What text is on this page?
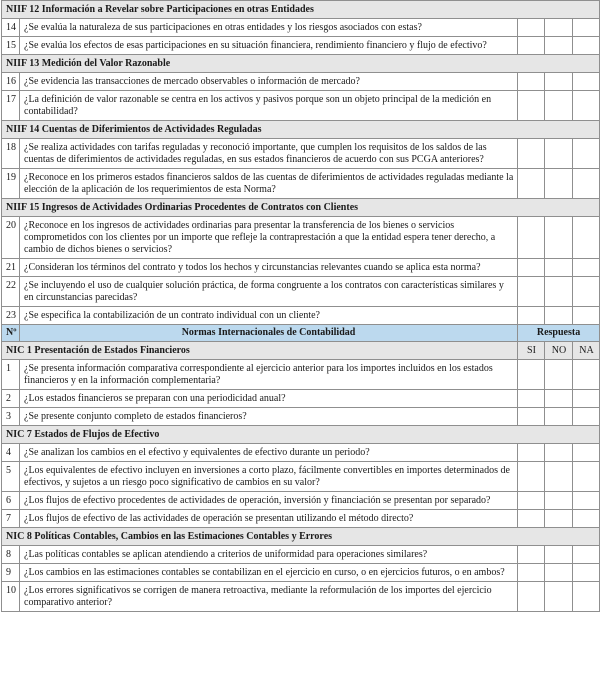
NIIF 12 Información a Revelar sobre Participaciones en otras Entidades				
14	¿Se evalúa la naturaleza de sus participaciones en otras entidades y los riesgos asociados con estas?			
15	¿Se evalúa los efectos de esas participaciones en su situación financiera, rendimiento financiero y flujo de efectivo?			
NIIF 13 Medición del Valor Razonable				
16	¿Se evidencia las transacciones de mercado observables o información de mercado?			
17	¿La definición de valor razonable se centra en los activos y pasivos porque son un objeto principal de la medición en contabilidad?			
NIIF 14 Cuentas de Diferimientos de Actividades Reguladas				
18	¿Se realiza actividades con tarifas reguladas y reconoció importante, que cumplen los requisitos de los saldos de las cuentas de diferimientos de actividades reguladas, en sus estados financieros de acuerdo con sus PCGA anteriores?			
19	¿Reconoce en los primeros estados financieros saldos de las cuentas de diferimientos de actividades reguladas mediante la elección de la aplicación de los requerimientos de esta Norma?			
NIIF 15 Ingresos de Actividades Ordinarias Procedentes de Contratos con Clientes				
20	¿Reconoce en los ingresos de actividades ordinarias para presentar la transferencia de los bienes o servicios comprometidos con los clientes por un importe que refleje la contraprestación a que la entidad espera tener derecho, a cambio de dichos bienes o servicios?			
21	¿Consideran los términos del contrato y todos los hechos y circunstancias relevantes cuando se aplica esta norma?			
22	¿Se incluyendo el uso de cualquier solución práctica, de forma congruente a los contratos con características similares y en circunstancias parecidas?			
23	¿Se especifica la contabilización de un contrato individual con un cliente?			
Nº	Normas Internacionales de Contabilidad	Respuesta		
NIC 1 Presentación de Estados Financieros		SI	NO	NA
1	¿Se presenta información comparativa correspondiente al ejercicio anterior para los importes incluidos en los estados financieros y en la información complementaria?			
2	¿Los estados financieros se preparan con una periodicidad anual?			
3	¿Se presente conjunto completo de estados financieros?			
NIC 7 Estados de Flujos de Efectivo				
4	¿Se analizan los cambios en el efectivo y equivalentes de efectivo durante un periodo?			
5	¿Los equivalentes de efectivo incluyen en inversiones a corto plazo, fácilmente convertibles en importes determinados de efectivos, y sujetos a un riesgo poco significativo de cambios en su valor?			
6	¿Los flujos de efectivo procedentes de actividades de operación, inversión y financiación se presentan por separado?			
7	¿Los flujos de efectivo de las actividades de operación se presentan utilizando el método directo?			
NIC 8 Políticas Contables, Cambios en las Estimaciones Contables y Errores				
8	¿Las políticas contables se aplican atendiendo a criterios de uniformidad para operaciones similares?			
9	¿Los cambios en las estimaciones contables se contabilizan en el ejercicio en curso, o en ejercicios futuros, o en ambos?			
10	¿Los errores significativos se corrigen de manera retroactiva, mediante la reformulación de los importes del ejercicio comparativo anterior?			
